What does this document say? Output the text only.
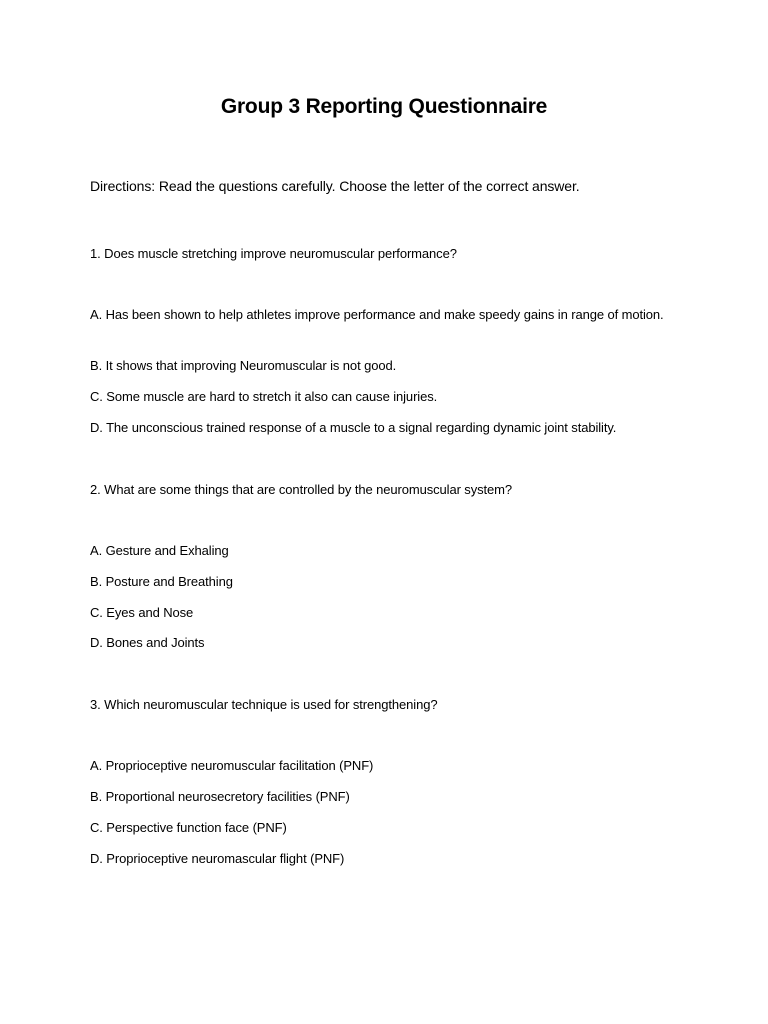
Group 3 Reporting Questionnaire
Directions: Read the questions carefully. Choose the letter of the correct answer.
1. Does muscle stretching improve neuromuscular performance?
A. Has been shown to help athletes improve performance and make speedy gains in range of motion.
B. It shows that improving Neuromuscular is not good.
C. Some muscle are hard to stretch it also can cause injuries.
D. The unconscious trained response of a muscle to a signal regarding dynamic joint stability.
2. What are some things that are controlled by the neuromuscular system?
A. Gesture and Exhaling
B. Posture and Breathing
C. Eyes and Nose
D. Bones and Joints
3. Which neuromuscular technique is used for strengthening?
A. Proprioceptive neuromuscular facilitation (PNF)
B. Proportional neurosecretory facilities (PNF)
C. Perspective function face (PNF)
D. Proprioceptive neuromascular flight (PNF)
